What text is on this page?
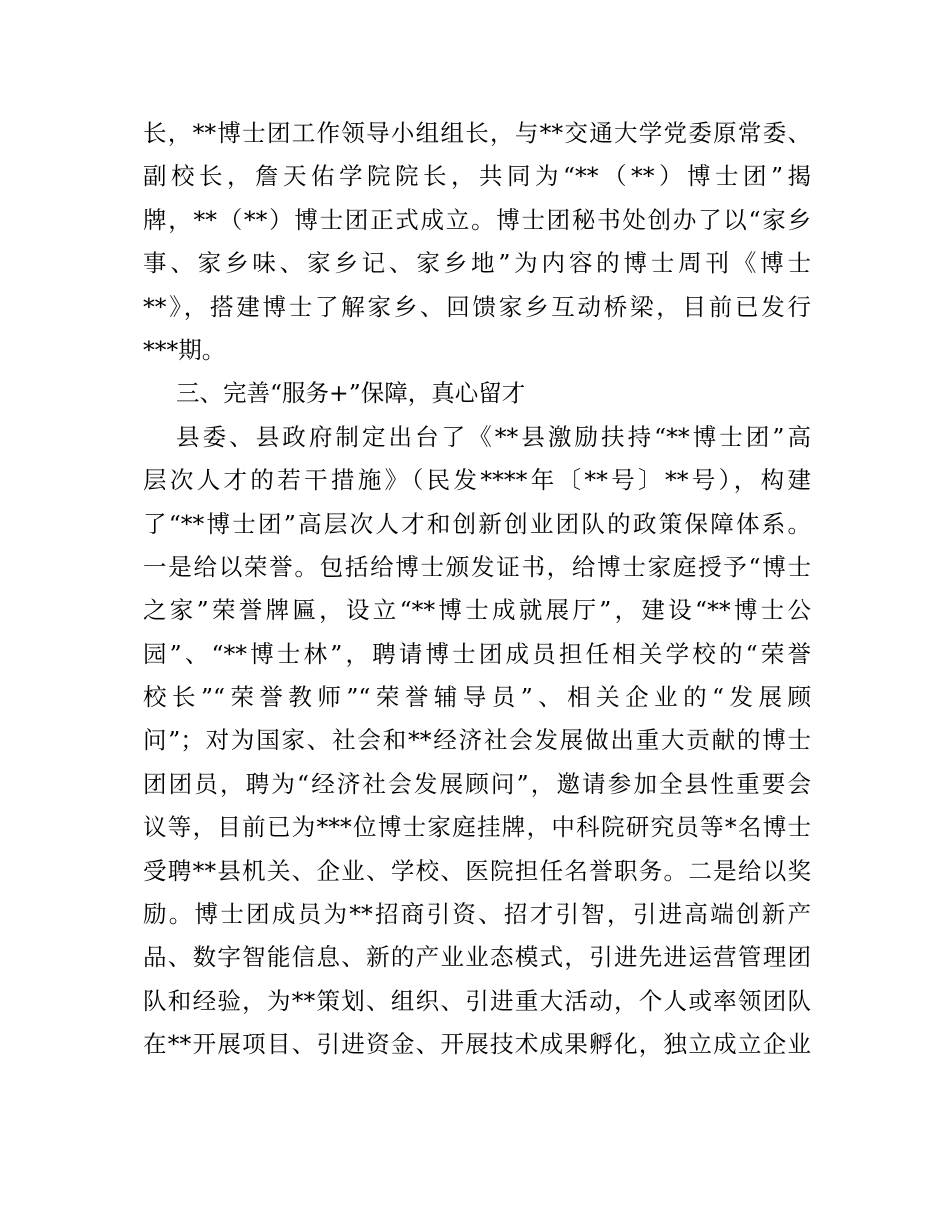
长，**博士团工作领导小组组长，与**交通大学党委原常委、
副校长，詹天佑学院院长，共同为“**（**）博士团”揭
牌，**（**）博士团正式成立。博士团秘书处创办了以“家乡
事、家乡味、家乡记、家乡地”为内容的博士周刊《博士
**》，搭建博士了解家乡、回馈家乡互动桥梁，目前已发行
***期。
三、完善“服务+”保障，真心留才
县委、县政府制定出台了《**县激励扶持“**博士团”高
层次人才的若干措施》（民发****年〔**号〕**号），构建
了“**博士团”高层次人才和创新创业团队的政策保障体系。
一是给以荣誉。包括给博士颁发证书，给博士家庭授予“博士
之家”荣誉牌匾，设立“**博士成就展厅”，建设“**博士公
园”、“**博士林”，聘请博士团成员担任相关学校的“荣誉
校长”“荣誉教师”“荣誉辅导员”、相关企业的“发展顾
问”；对为国家、社会和**经济社会发展做出重大贡献的博士
团团员，聘为“经济社会发展顾问”，邀请参加全县性重要会
议等，目前已为***位博士家庭挂牌，中科院研究员等*名博士
受聘**县机关、企业、学校、医院担任名誉职务。二是给以奖
励。博士团成员为**招商引资、招才引智，引进高端创新产
品、数字智能信息、新的产业业态模式，引进先进运营管理团
队和经验，为**策划、组织、引进重大活动，个人或率领团队
在**开展项目、引进资金、开展技术成果孵化，独立成立企业
